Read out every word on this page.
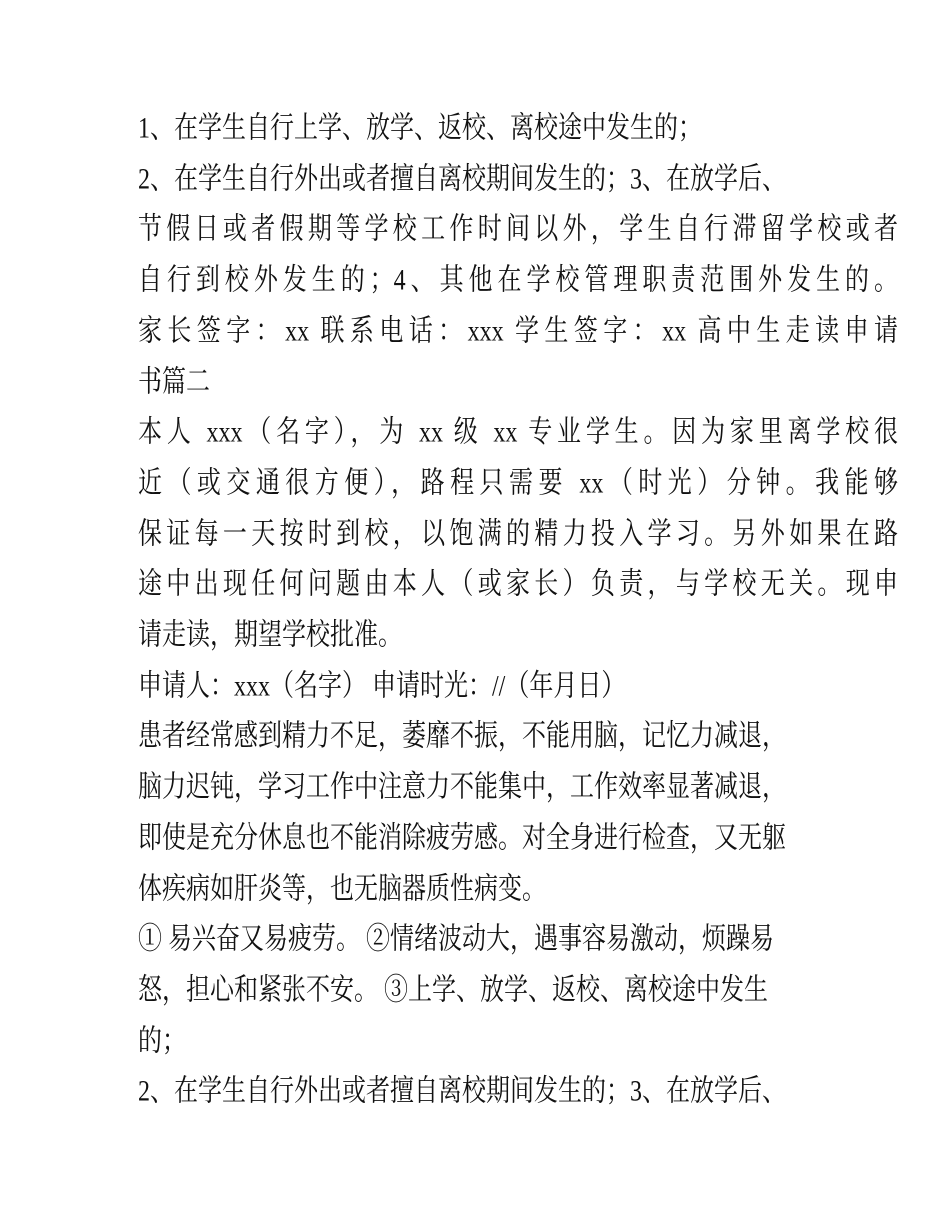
1、在学生自行上学、放学、返校、离校途中发生的；
2、在学生自行外出或者擅自离校期间发生的；3、在放学后、
节假日或者假期等学校工作时间以外，学生自行滞留学校或者
自行到校外发生的；4、其他在学校管理职责范围外发生的。
家长签字：xx 联系电话：xxx 学生签字：xx 高中生走读申请
书篇二
本人 xxx（名字），为 xx 级 xx 专业学生。因为家里离学校很
近（或交通很方便），路程只需要 xx（时光）分钟。我能够
保证每一天按时到校，以饱满的精力投入学习。另外如果在路
途中出现任何问题由本人（或家长）负责，与学校无关。现申
请走读，期望学校批准。
申请人：xxx（名字） 申请时光：//（年月日）
患者经常感到精力不足，萎靡不振，不能用脑，记忆力减退，
脑力迟钝，学习工作中注意力不能集中，工作效率显著减退，
即使是充分休息也不能消除疲劳感。对全身进行检查，又无躯
体疾病如肝炎等，也无脑器质性病变。
① 易兴奋又易疲劳。 ②情绪波动大，遇事容易激动，烦躁易
怒，担心和紧张不安。 ③上学、放学、返校、离校途中发生
的；
2、在学生自行外出或者擅自离校期间发生的；3、在放学后、
